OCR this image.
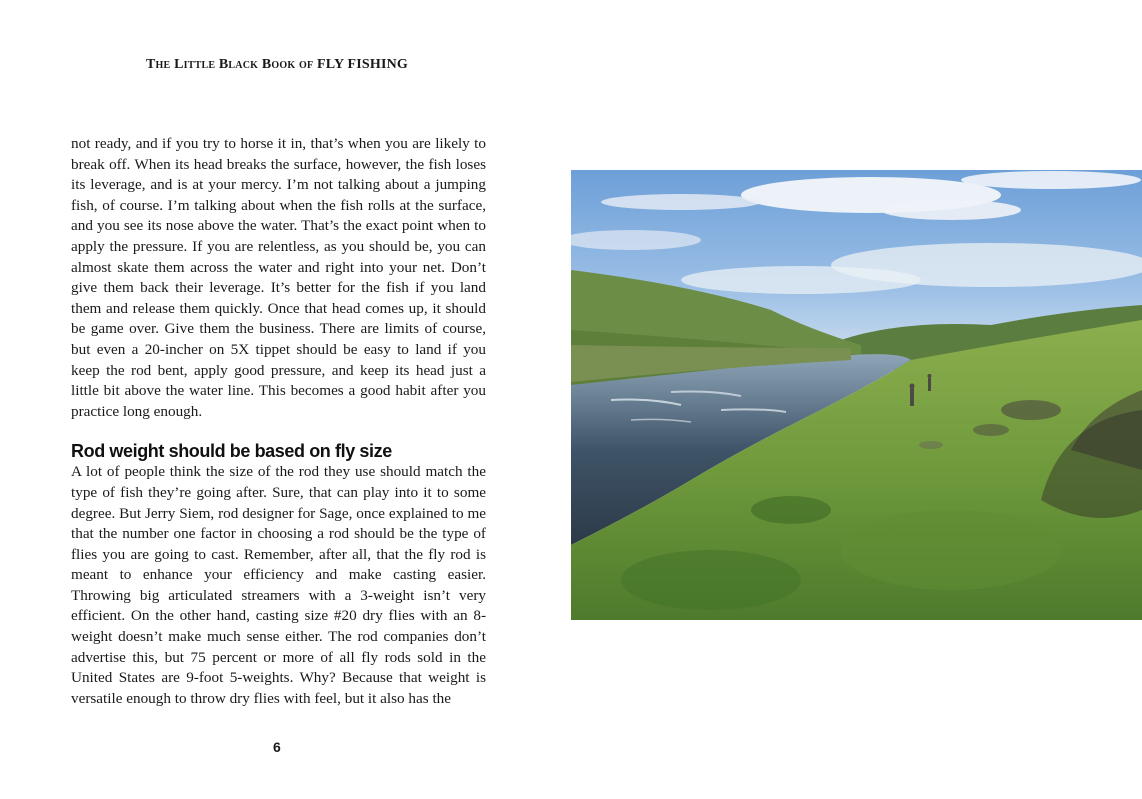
The Little Black Book of FLY FISHING

not ready, and if you try to horse it in, that’s when you are likely to break off. When its head breaks the surface, however, the fish loses its leverage, and is at your mercy. I’m not talking about a jumping fish, of course. I’m talking about when the fish rolls at the surface, and you see its nose above the water. That’s the exact point when to apply the pressure. If you are relentless, as you should be, you can almost skate them across the water and right into your net. Don’t give them back their leverage. It’s better for the fish if you land them and release them quickly. Once that head comes up, it should be game over. Give them the business. There are limits of course, but even a 20-incher on 5X tippet should be easy to land if you keep the rod bent, apply good pressure, and keep its head just a little bit above the water line. This becomes a good habit after you practice long enough.

Rod weight should be based on fly size

A lot of people think the size of the rod they use should match the type of fish they’re going after. Sure, that can play into it to some degree. But Jerry Siem, rod designer for Sage, once explained to me that the number one factor in choosing a rod should be the type of flies you are going to cast. Remember, after all, that the fly rod is meant to enhance your efficiency and make casting easier. Throwing big articulated streamers with a 3-weight isn’t very efficient. On the other hand, casting size #20 dry flies with an 8-weight doesn’t make much sense either. The rod companies don’t advertise this, but 75 percent or more of all fly rods sold in the United States are 9-foot 5-weights. Why? Because that weight is versatile enough to throw dry flies with feel, but it also has the

6
